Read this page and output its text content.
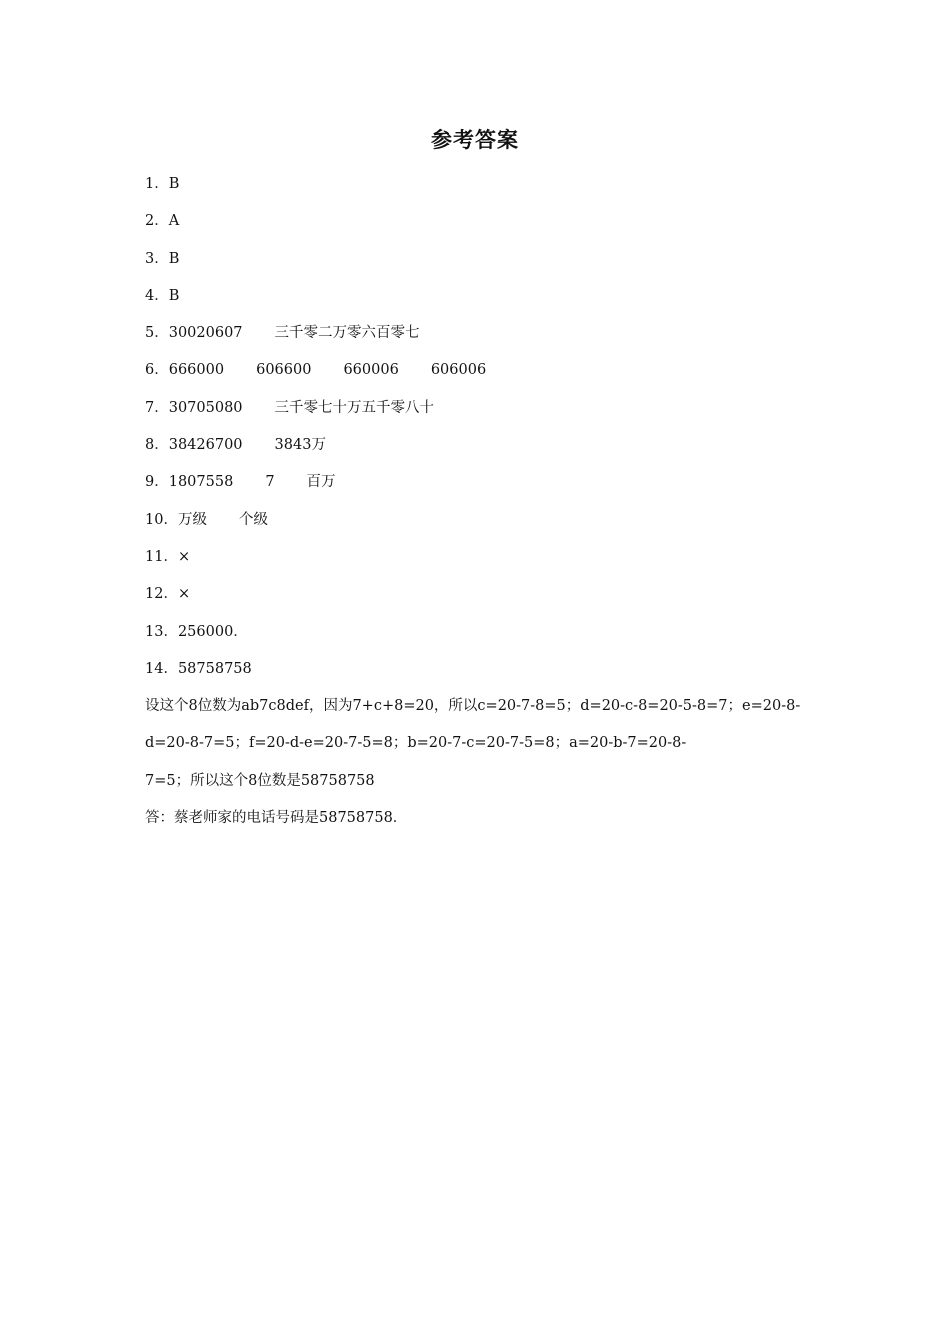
参考答案
1．B
2．A
3．B
4．B
5．30020607 三千零二万零六百零七
6．666000 606600 660006 606006
7．30705080 三千零七十万五千零八十
8．38426700 3843万
9．1807558 7 百万
10．万级 个级
11．×
12．×
13．256000．
14．58758758
设这个8位数为ab7c8def，因为7+c+8=20，所以c=20-7-8=5；d=20-c-8=20-5-8=7；e=20-8-
d=20-8-7=5；f=20-d-e=20-7-5=8；b=20-7-c=20-7-5=8；a=20-b-7=20-8-
7=5；所以这个8位数是58758758
答：蔡老师家的电话号码是58758758．
